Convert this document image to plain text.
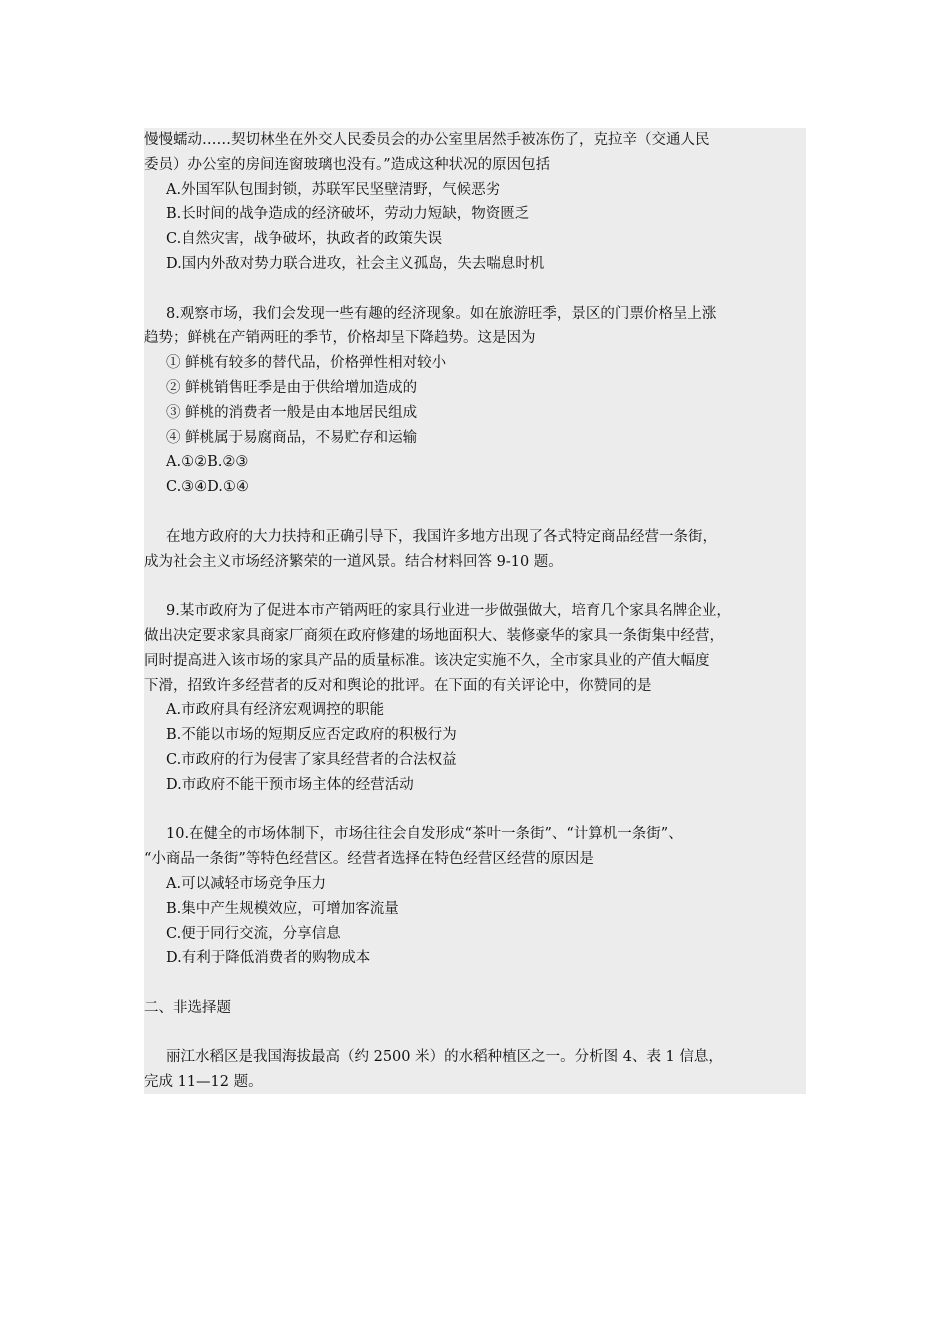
慢慢蠕动……契切林坐在外交人民委员会的办公室里居然手被冻伤了，克拉辛（交通人民
委员）办公室的房间连窗玻璃也没有。”造成这种状况的原因包括
A.外国军队包围封锁，苏联军民坚壁清野，气候恶劣
B.长时间的战争造成的经济破坏，劳动力短缺，物资匮乏
C.自然灾害，战争破坏，执政者的政策失误
D.国内外敌对势力联合进攻，社会主义孤岛，失去喘息时机
8.观察市场，我们会发现一些有趣的经济现象。如在旅游旺季，景区的门票价格呈上涨
趋势；鲜桃在产销两旺的季节，价格却呈下降趋势。这是因为
① 鲜桃有较多的替代品，价格弹性相对较小
② 鲜桃销售旺季是由于供给增加造成的
③ 鲜桃的消费者一般是由本地居民组成
④ 鲜桃属于易腐商品，不易贮存和运输
A.①②B.②③
C.③④D.①④
在地方政府的大力扶持和正确引导下，我国许多地方出现了各式特定商品经营一条街，
成为社会主义市场经济繁荣的一道风景。结合材料回答 9-10 题。
9.某市政府为了促进本市产销两旺的家具行业进一步做强做大，培育几个家具名牌企业，
做出决定要求家具商家厂商须在政府修建的场地面积大、装修豪华的家具一条街集中经营，
同时提高进入该市场的家具产品的质量标准。该决定实施不久，全市家具业的产值大幅度
下滑，招致许多经营者的反对和舆论的批评。在下面的有关评论中，你赞同的是
A.市政府具有经济宏观调控的职能
B.不能以市场的短期反应否定政府的积极行为
C.市政府的行为侵害了家具经营者的合法权益
D.市政府不能干预市场主体的经营活动
10.在健全的市场体制下，市场往往会自发形成“茶叶一条街”、“计算机一条街”、
“小商品一条街”等特色经营区。经营者选择在特色经营区经营的原因是
A.可以减轻市场竞争压力
B.集中产生规模效应，可增加客流量
C.便于同行交流，分享信息
D.有利于降低消费者的购物成本
二、非选择题
丽江水稻区是我国海拔最高（约 2500 米）的水稻种植区之一。分析图 4、表 1 信息，
完成 11—12 题。
